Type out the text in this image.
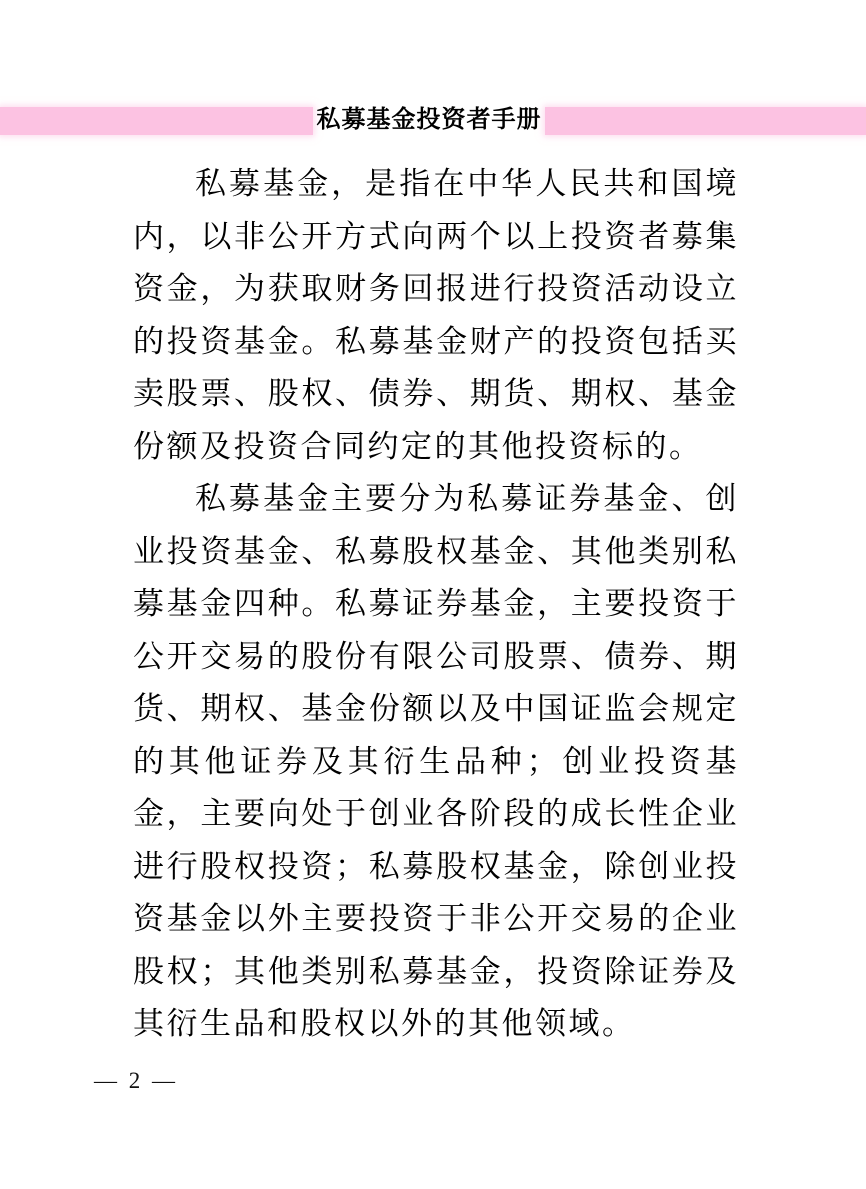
私募基金投资者手册

私募基金，是指在中华人民共和国境内，以非公开方式向两个以上投资者募集资金，为获取财务回报进行投资活动设立的投资基金。私募基金财产的投资包括买卖股票、股权、债券、期货、期权、基金份额及投资合同约定的其他投资标的。

私募基金主要分为私募证券基金、创业投资基金、私募股权基金、其他类别私募基金四种。私募证券基金，主要投资于公开交易的股份有限公司股票、债券、期货、期权、基金份额以及中国证监会规定的其他证券及其衍生品种；创业投资基金，主要向处于创业各阶段的成长性企业进行股权投资；私募股权基金，除创业投资基金以外主要投资于非公开交易的企业股权；其他类别私募基金，投资除证券及其衍生品和股权以外的其他领域。

— 2 —
